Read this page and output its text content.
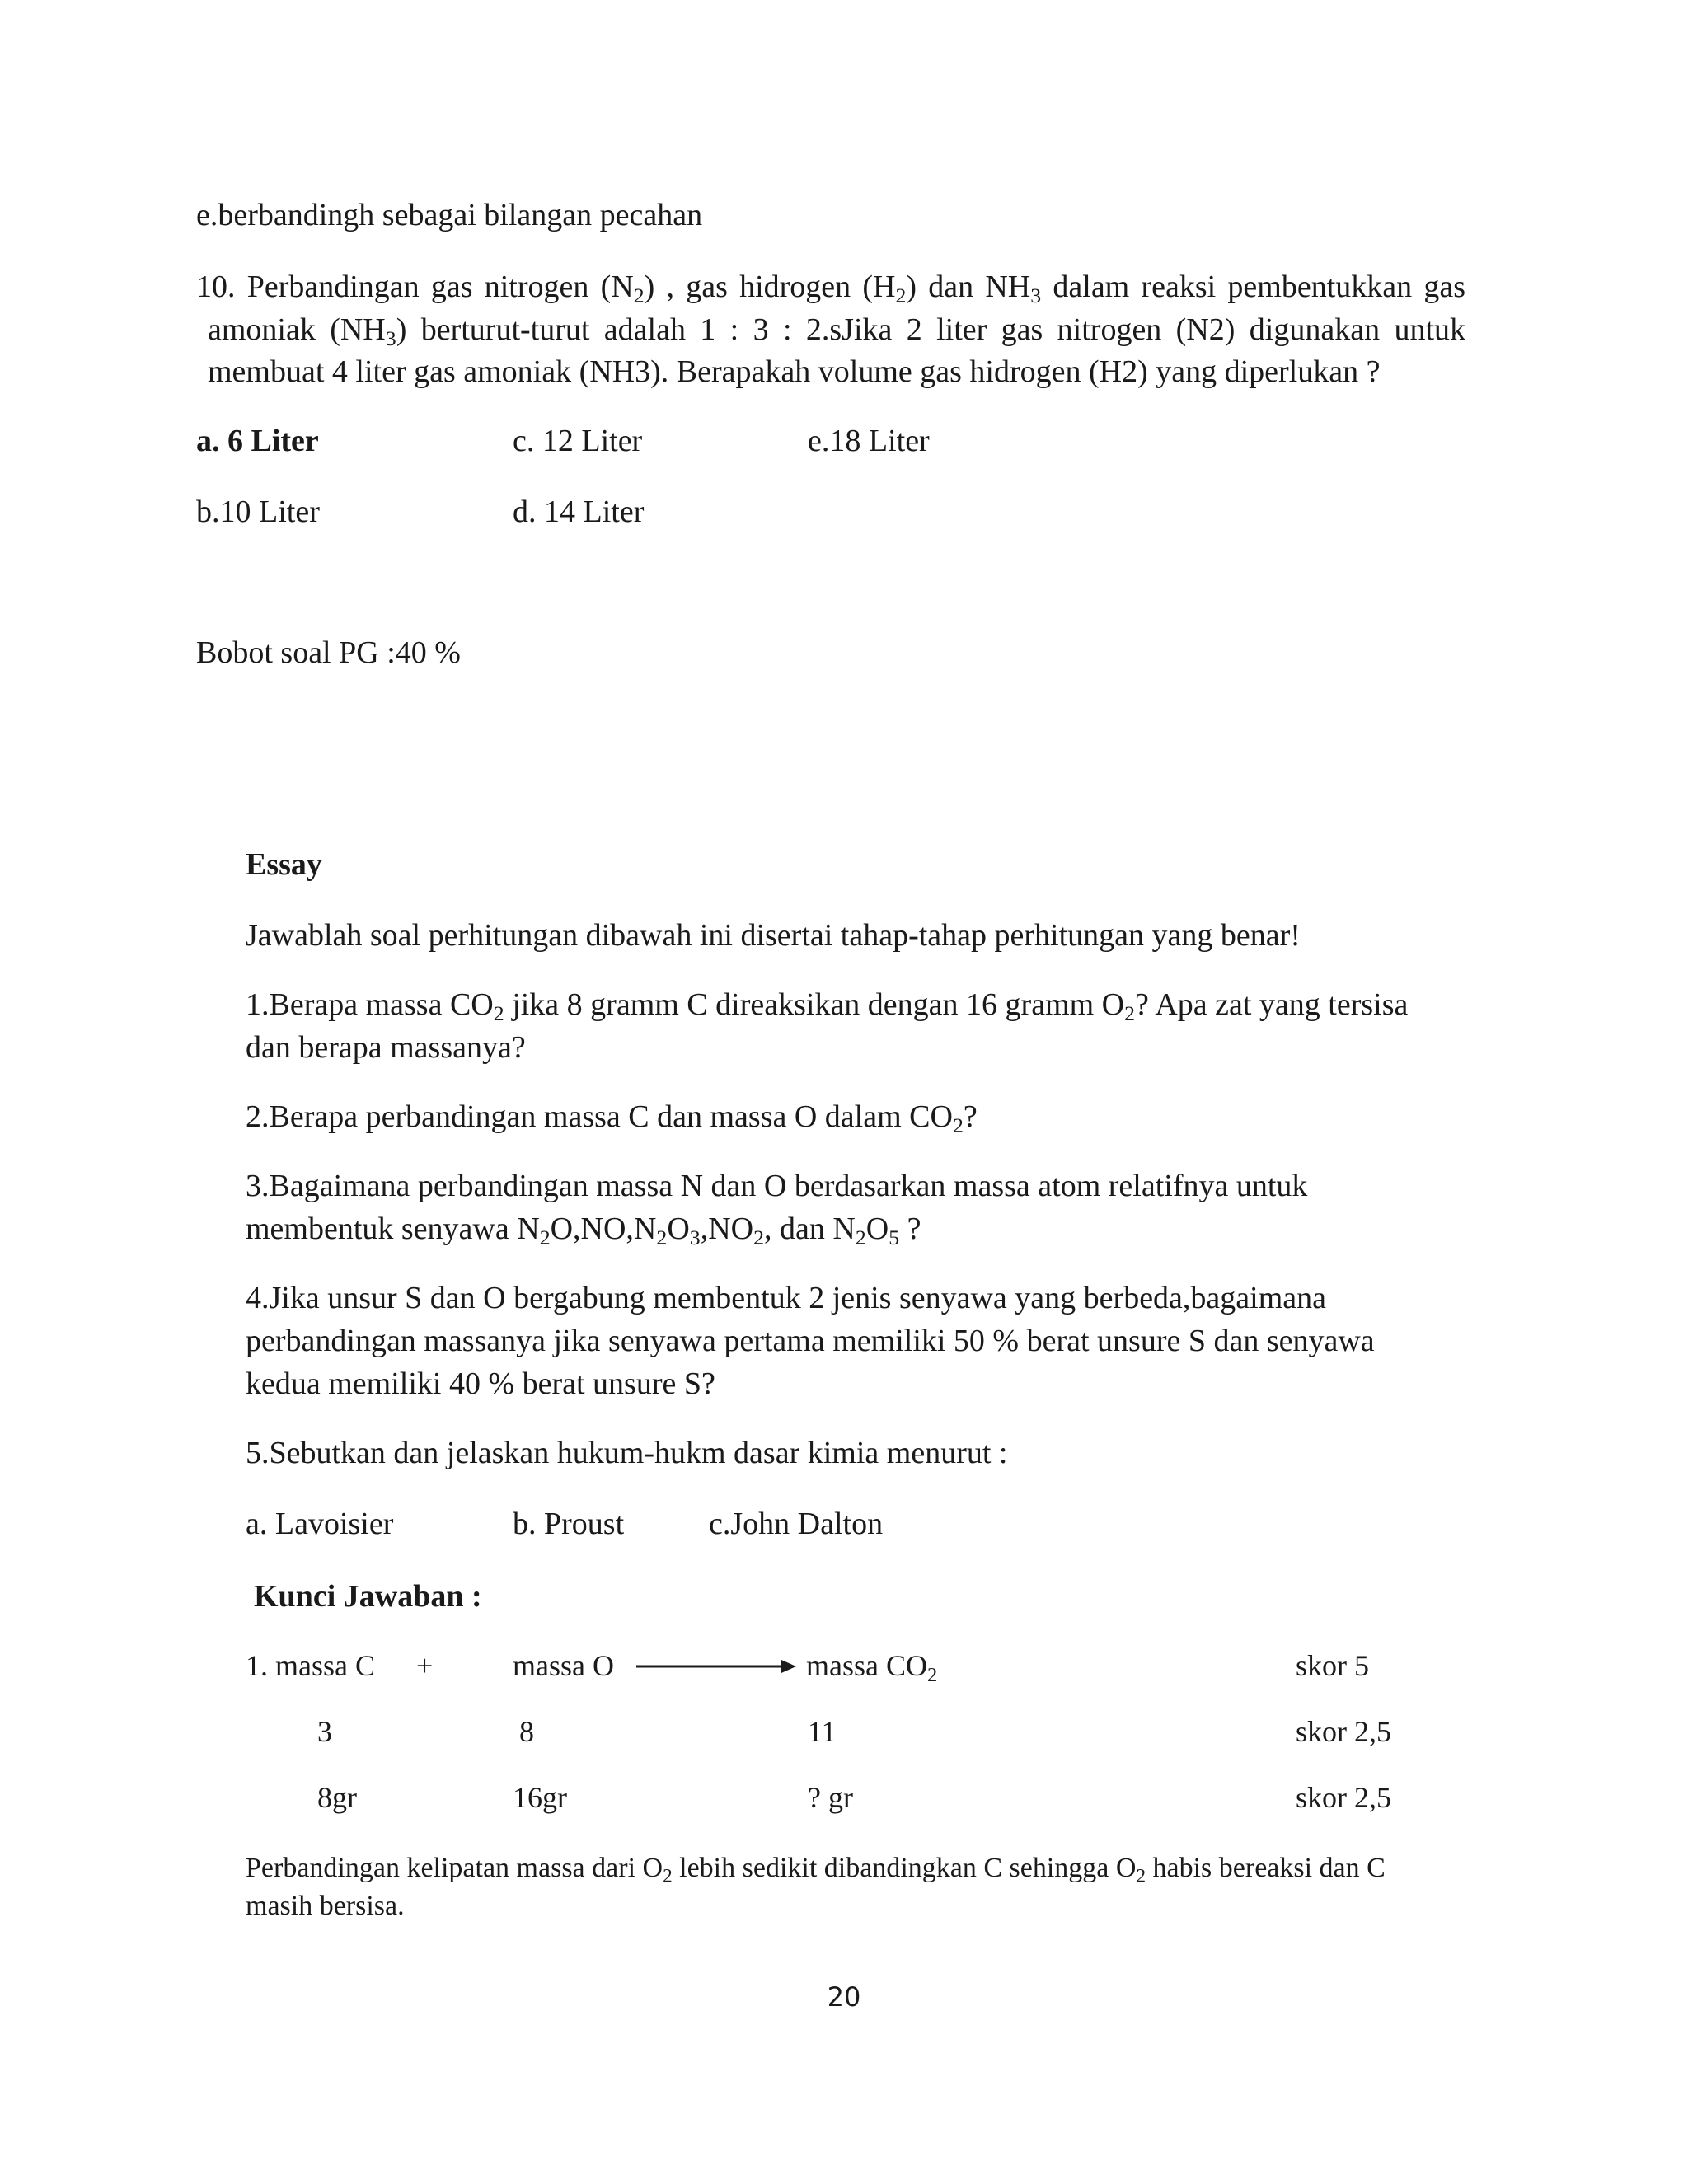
e.berbandingh sebagai bilangan pecahan
10. Perbandingan gas nitrogen $(N_2)$ , gas hidrogen $(H_2)$ dan $NH_3$ dalam reaksi pembentukkan gas
amoniak $(NH_3)$ berturut-turut adalah 1 : 3 : 2.sJika 2 liter gas nitrogen (N2) digunakan untuk
membuat 4 liter gas amoniak (NH3). Berapakah volume gas hidrogen (H2) yang diperlukan ?
a. 6 Liter	c. 12 Liter	e.18 Liter
b.10 Liter	d. 14 Liter
Bobot soal PG :40 %
Essay
Jawablah soal perhitungan dibawah ini disertai tahap-tahap perhitungan yang benar!
1.Berapa massa $CO_2$ jika 8 gramm C direaksikan dengan 16 gramm $O_2$? Apa zat yang tersisa
dan berapa massanya?
2.Berapa perbandingan massa C dan massa O dalam $CO_2$?
3.Bagaimana perbandingan massa N dan O berdasarkan massa atom relatifnya untuk
membentuk senyawa $N_2O,NO,N_2O_3,NO_2$, dan $N_2O_5$ ?
4.Jika unsur S dan O bergabung membentuk 2 jenis senyawa yang berbeda,bagaimana
perbandingan massanya jika senyawa pertama memiliki 50 % berat unsure S dan senyawa
kedua memiliki 40 % berat unsure S?
5.Sebutkan dan jelaskan hukum-hukm dasar kimia menurut :
a. Lavoisier	b. Proust	c.John Dalton
Kunci Jawaban :
1. massa C +	massa O	massa $CO_2$	skor 5
3	8	11	skor 2,5
8gr	16gr	? gr	skor 2,5
Perbandingan kelipatan massa dari $O_2$ lebih sedikit dibandingkan C sehingga $O_2$ habis bereaksi dan C
masih bersisa.
20
